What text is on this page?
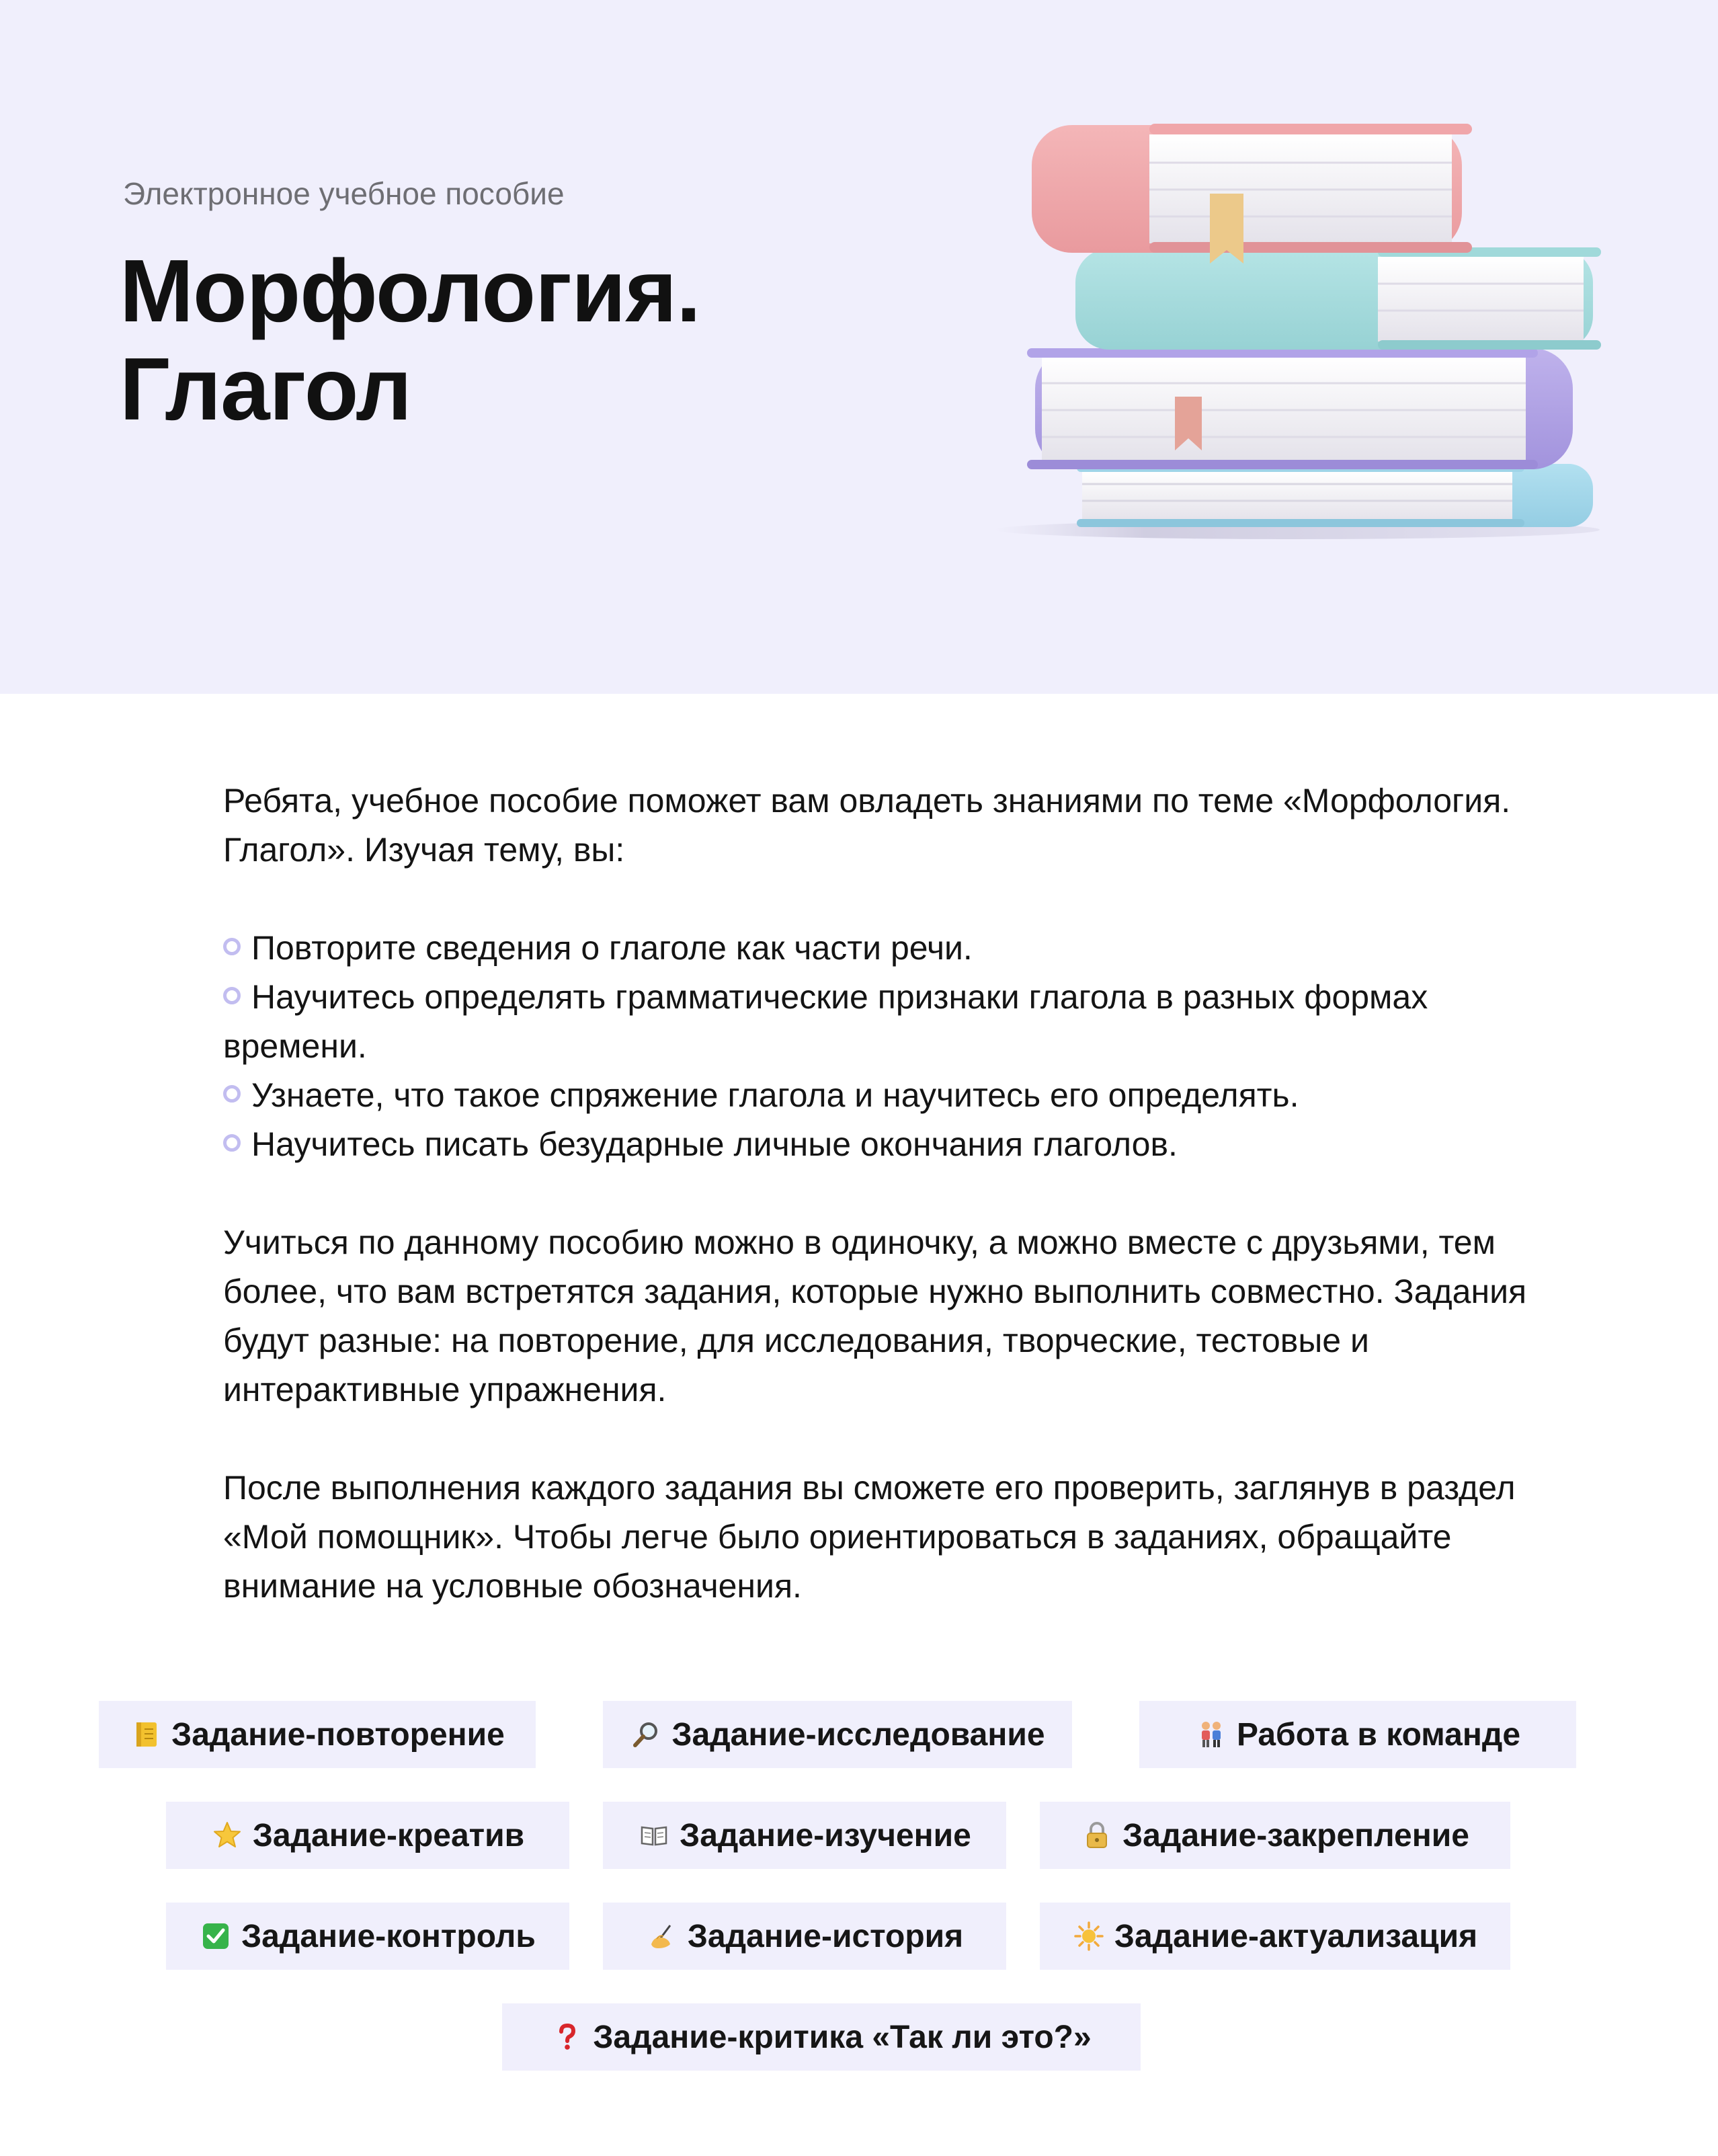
Электронное учебное пособие
Морфология.
Глагол

Ребята, учебное пособие поможет вам овладеть знаниями по теме «Морфология. Глагол». Изучая тему, вы:

Повторите сведения о глаголе как части речи.
Научитесь определять грамматические признаки глагола в разных формах времени.
Узнаете, что такое спряжение глагола и научитесь его определять.
Научитесь писать безударные личные окончания глаголов.

Учиться по данному пособию можно в одиночку, а можно вместе с друзьями, тем более, что вам встретятся задания, которые нужно выполнить совместно. Задания будут разные: на повторение, для исследования, творческие, тестовые и интерактивные упражнения.

После выполнения каждого задания вы сможете его проверить, заглянув в раздел «Мой помощник». Чтобы легче было ориентироваться в заданиях, обращайте внимание на условные обозначения.

Задание-повторение	Задание-исследование	Работа в команде
Задание-креатив	Задание-изучение	Задание-закрепление
Задание-контроль	Задание-история	Задание-актуализация
Задание-критика «Так ли это?»
